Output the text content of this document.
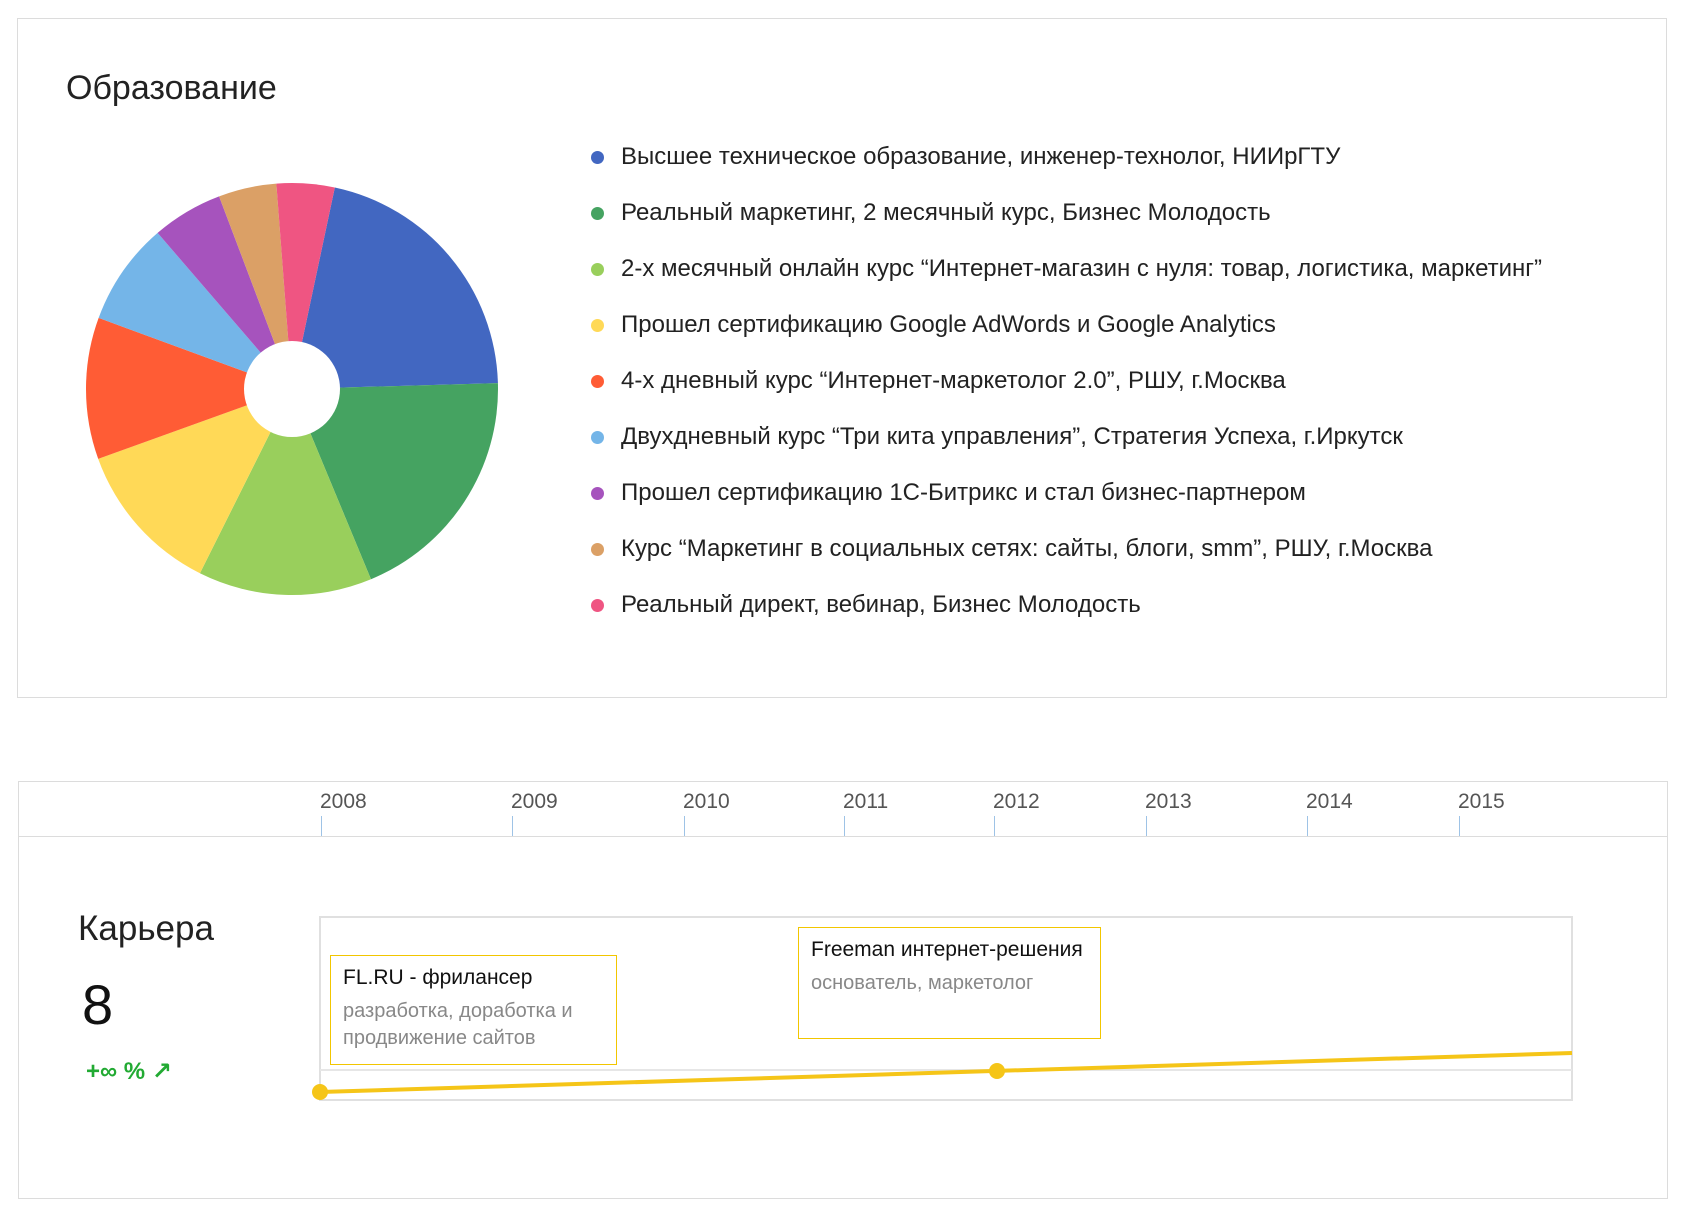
Образование
Высшее техническое образование, инженер-технолог, НИИрГТУ
Реальный маркетинг, 2 месячный курс, Бизнес Молодость
2-х месячный онлайн курс “Интернет-магазин с нуля: товар, логистика, маркетинг”
Прошел сертификацию Google AdWords и Google Analytics
4-х дневный курс “Интернет-маркетолог 2.0”, РШУ, г.Москва
Двухдневный курс “Три кита управления”, Стратегия Успеха, г.Иркутск
Прошел сертификацию 1С-Битрикс и стал бизнес-партнером
Курс “Маркетинг в социальных сетях: сайты, блоги, smm”, РШУ, г.Москва
Реальный директ, вебинар, Бизнес Молодость
2008	2009	2010	2011	2012	2013	2014	2015
Карьера
8
+∞ % ↗
FL.RU - фрилансер
разработка, доработка и продвижение сайтов
Freeman интернет-решения
основатель, маркетолог
